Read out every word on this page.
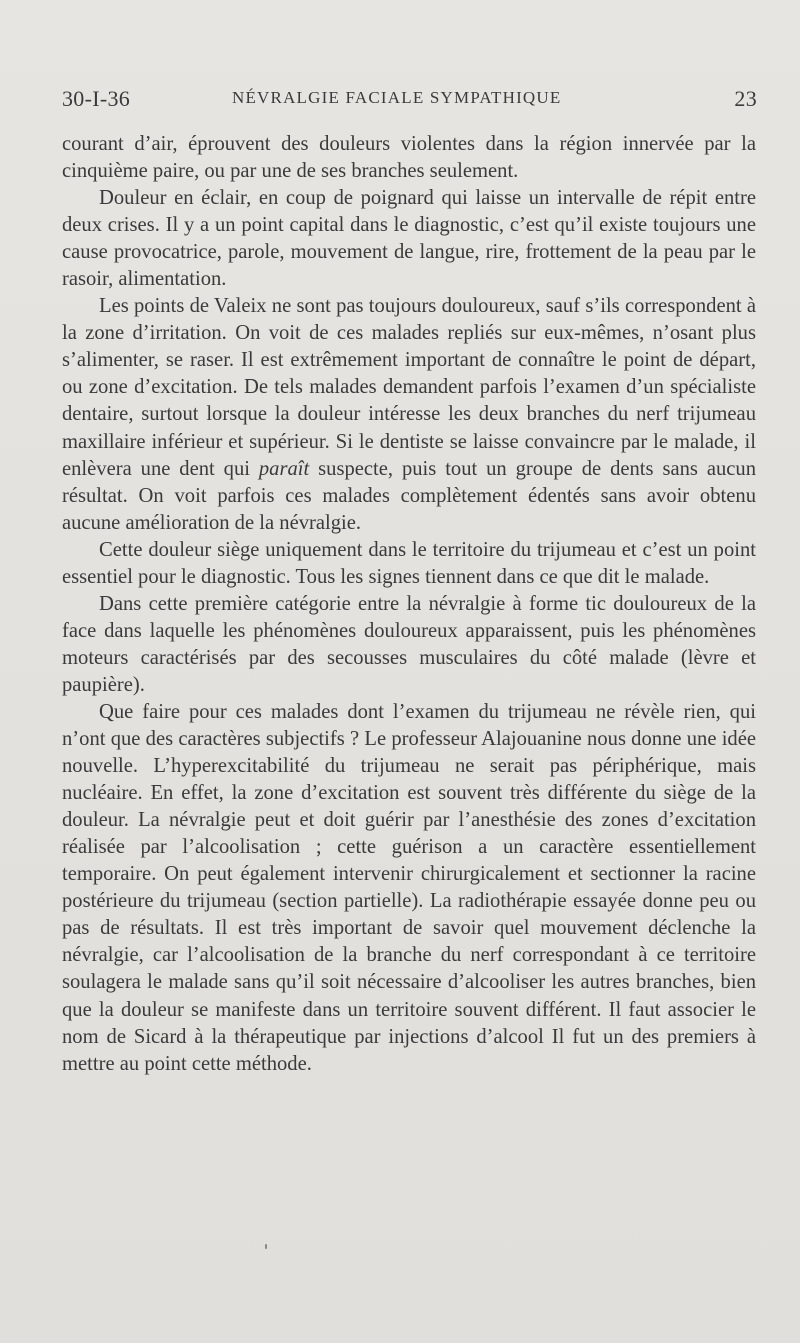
30-I-36	NÉVRALGIE FACIALE SYMPATHIQUE	23

courant d’air, éprouvent des douleurs violentes dans la région innervée par la cinquième paire, ou par une de ses branches seulement.

Douleur en éclair, en coup de poignard qui laisse un intervalle de répit entre deux crises. Il y a un point capital dans le diagnostic, c’est qu’il existe toujours une cause provocatrice, parole, mouvement de langue, rire, frottement de la peau par le rasoir, alimentation.

Les points de Valeix ne sont pas toujours douloureux, sauf s’ils correspondent à la zone d’irritation. On voit de ces malades repliés sur eux-mêmes, n’osant plus s’alimenter, se raser. Il est extrêmement important de connaître le point de départ, ou zone d’excitation. De tels malades demandent parfois l’examen d’un spécialiste dentaire, surtout lorsque la douleur intéresse les deux branches du nerf trijumeau maxillaire inférieur et supérieur. Si le dentiste se laisse convaincre par le malade, il enlèvera une dent qui paraît suspecte, puis tout un groupe de dents sans aucun résultat. On voit parfois ces malades complètement édentés sans avoir obtenu aucune amélioration de la névralgie.

Cette douleur siège uniquement dans le territoire du trijumeau et c’est un point essentiel pour le diagnostic. Tous les signes tiennent dans ce que dit le malade.

Dans cette première catégorie entre la névralgie à forme tic douloureux de la face dans laquelle les phénomènes douloureux apparaissent, puis les phénomènes moteurs caractérisés par des secousses musculaires du côté malade (lèvre et paupière).

Que faire pour ces malades dont l’examen du trijumeau ne révèle rien, qui n’ont que des caractères subjectifs ? Le professeur Alajouanine nous donne une idée nouvelle. L’hyperexcitabilité du trijumeau ne serait pas périphérique, mais nucléaire. En effet, la zone d’excitation est souvent très différente du siège de la douleur. La névralgie peut et doit guérir par l’anesthésie des zones d’excitation réalisée par l’alcoolisation ; cette guérison a un caractère essentiellement temporaire. On peut également intervenir chirurgicalement et sectionner la racine postérieure du trijumeau (section partielle). La radiothérapie essayée donne peu ou pas de résultats. Il est très important de savoir quel mouvement déclenche la névralgie, car l’alcoolisation de la branche du nerf correspondant à ce territoire soulagera le malade sans qu’il soit nécessaire d’alcooliser les autres branches, bien que la douleur se manifeste dans un territoire souvent différent. Il faut associer le nom de Sicard à la thérapeutique par injections d’alcool Il fut un des premiers à mettre au point cette méthode.
